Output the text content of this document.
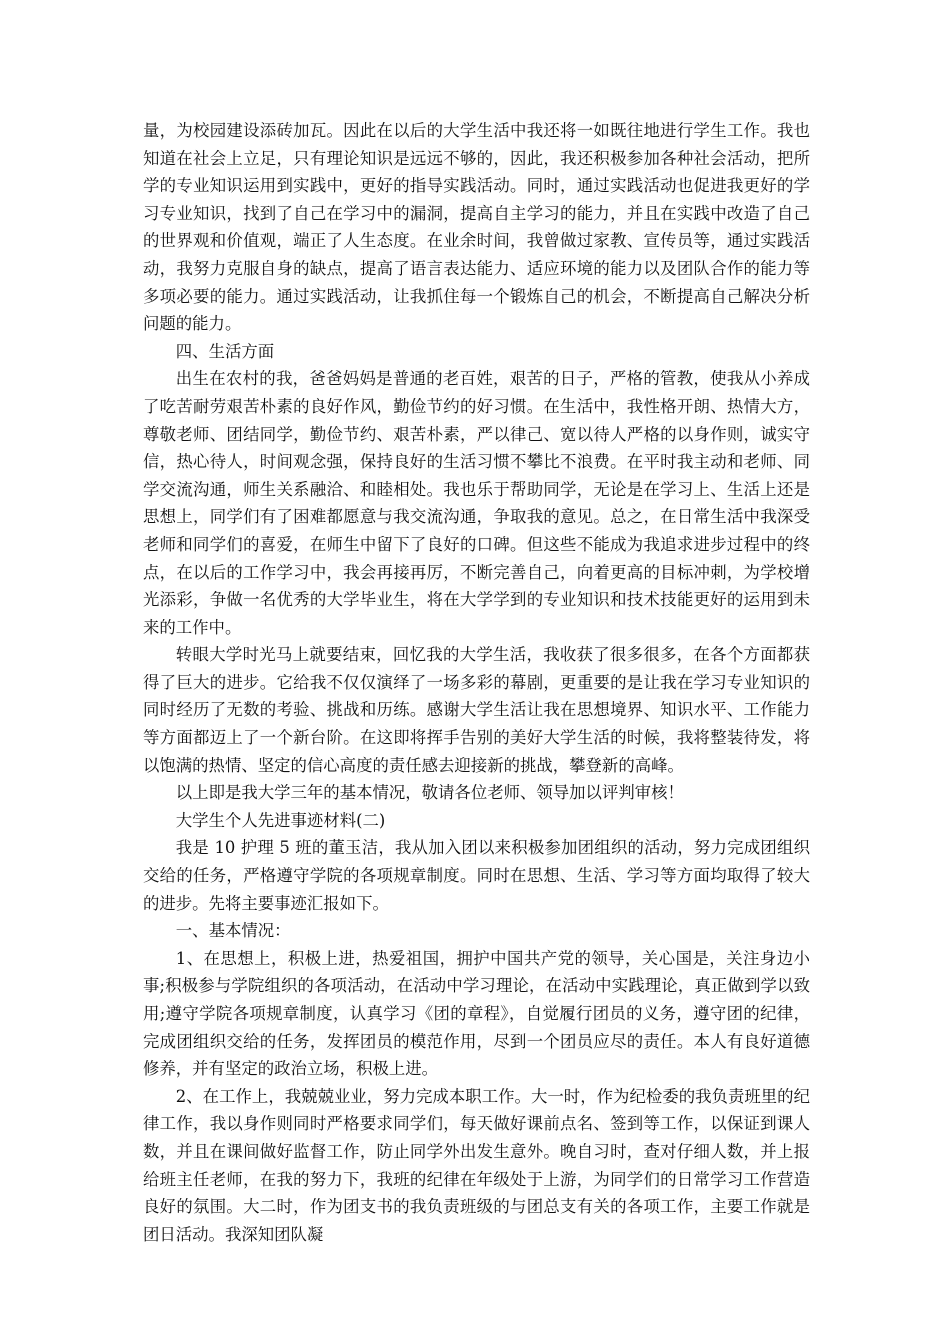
量，为校园建设添砖加瓦。因此在以后的大学生活中我还将一如既往地进行学生工作。我也知道在社会上立足，只有理论知识是远远不够的，因此，我还积极参加各种社会活动，把所学的专业知识运用到实践中，更好的指导实践活动。同时，通过实践活动也促进我更好的学习专业知识，找到了自己在学习中的漏洞，提高自主学习的能力，并且在实践中改造了自己的世界观和价值观，端正了人生态度。在业余时间，我曾做过家教、宣传员等，通过实践活动，我努力克服自身的缺点，提高了语言表达能力、适应环境的能力以及团队合作的能力等多项必要的能力。通过实践活动，让我抓住每一个锻炼自己的机会，不断提高自己解决分析问题的能力。

四、生活方面

出生在农村的我，爸爸妈妈是普通的老百姓，艰苦的日子，严格的管教，使我从小养成了吃苦耐劳艰苦朴素的良好作风，勤俭节约的好习惯。在生活中，我性格开朗、热情大方，尊敬老师、团结同学，勤俭节约、艰苦朴素，严以律己、宽以待人严格的以身作则，诚实守信，热心待人，时间观念强，保持良好的生活习惯不攀比不浪费。在平时我主动和老师、同学交流沟通，师生关系融洽、和睦相处。我也乐于帮助同学，无论是在学习上、生活上还是思想上，同学们有了困难都愿意与我交流沟通，争取我的意见。总之，在日常生活中我深受老师和同学们的喜爱，在师生中留下了良好的口碑。但这些不能成为我追求进步过程中的终点，在以后的工作学习中，我会再接再厉，不断完善自己，向着更高的目标冲刺，为学校增光添彩，争做一名优秀的大学毕业生，将在大学学到的专业知识和技术技能更好的运用到未来的工作中。

转眼大学时光马上就要结束，回忆我的大学生活，我收获了很多很多，在各个方面都获得了巨大的进步。它给我不仅仅演绎了一场多彩的幕剧，更重要的是让我在学习专业知识的同时经历了无数的考验、挑战和历练。感谢大学生活让我在思想境界、知识水平、工作能力等方面都迈上了一个新台阶。在这即将挥手告别的美好大学生活的时候，我将整装待发，将以饱满的热情、坚定的信心高度的责任感去迎接新的挑战，攀登新的高峰。

以上即是我大学三年的基本情况，敬请各位老师、领导加以评判审核！

大学生个人先进事迹材料(二)

我是 10 护理 5 班的董玉洁，我从加入团以来积极参加团组织的活动，努力完成团组织交给的任务，严格遵守学院的各项规章制度。同时在思想、生活、学习等方面均取得了较大的进步。先将主要事迹汇报如下。

一、基本情况：

1、在思想上，积极上进，热爱祖国，拥护中国共产党的领导，关心国是，关注身边小事;积极参与学院组织的各项活动，在活动中学习理论，在活动中实践理论，真正做到学以致用;遵守学院各项规章制度，认真学习《团的章程》，自觉履行团员的义务，遵守团的纪律，完成团组织交给的任务，发挥团员的模范作用，尽到一个团员应尽的责任。本人有良好道德修养，并有坚定的政治立场，积极上进。

2、在工作上，我兢兢业业，努力完成本职工作。大一时，作为纪检委的我负责班里的纪律工作，我以身作则同时严格要求同学们，每天做好课前点名、签到等工作，以保证到课人数，并且在课间做好监督工作，防止同学外出发生意外。晚自习时，查对仔细人数，并上报给班主任老师，在我的努力下，我班的纪律在年级处于上游，为同学们的日常学习工作营造良好的氛围。大二时，作为团支书的我负责班级的与团总支有关的各项工作，主要工作就是团日活动。我深知团队凝
